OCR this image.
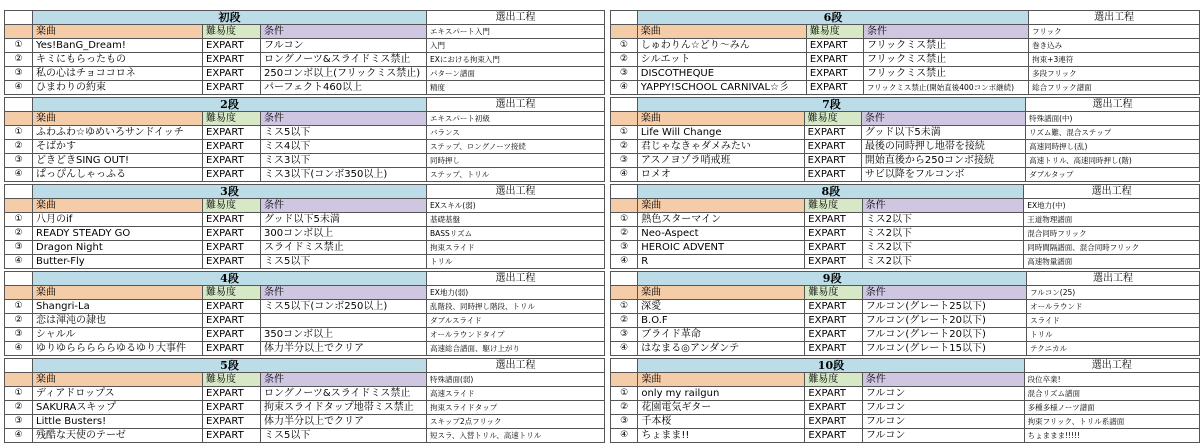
	初段			選出工程
	楽曲	難易度	条件	エキスパート入門
①	Yes!BanG_Dream!	EXPART	フルコン	入門
②	キミにもらったもの	EXPART	ロングノーツ&スライドミス禁止	EXにおける拘束入門
③	私の心はチョココロネ	EXPART	250コンボ以上(フリックミス禁止)	パターン譜面
④	ひまわりの約束	EXPART	パーフェクト460以上	精度
	2段			選出工程
	楽曲	難易度	条件	エキスパート初級
①	ふわふわ☆ゆめいろサンドイッチ	EXPART	ミス5以下	バランス
②	そばかす	EXPART	ミス4以下	ステップ、ロングノーツ接続
③	どきどきSING OUT!	EXPART	ミス3以下	同時押し
④	ぱっぴんしゃっふる	EXPART	ミス3以下(コンボ350以上)	ステップ、トリル
	3段			選出工程
	楽曲	難易度	条件	EXスキル(弱)
①	八月のif	EXPART	グッド以下5未満	基礎基盤
②	READY STEADY GO	EXPART	300コンボ以上	BASSリズム
③	Dragon Night	EXPART	スライドミス禁止	拘束スライド
④	Butter-Fly	EXPART	ミス5以下	トリル
	4段			選出工程
	楽曲	難易度	条件	EX地力(弱)
①	Shangri-La	EXPART	ミス5以下(コンボ250以上)	乱階段、同時押し階段、トリル
②	恋は渾沌の隷也	EXPART		ダブルスライド
③	シャルル	EXPART	350コンボ以上	オールラウンドタイプ
④	ゆりゆらららららゆるゆり大事件	EXPART	体力半分以上でクリア	高速総合譜面、駆け上がり
	5段			選出工程
	楽曲	難易度	条件	特殊譜面(弱)
①	ディアドロップス	EXPART	ロングノーツ&スライドミス禁止	高速スライド
②	SAKURAスキップ	EXPART	拘束スライドタップ地帯ミス禁止	拘束スライドタップ
③	Little Busters!	EXPART	体力半分以上でクリア	スキップ2点フリック
④	残酷な天使のテーゼ	EXPART	ミス5以下	短スラ、入替トリル、高速トリル
	6段			選出工程
	楽曲	難易度	条件	フリック
①	しゅわりん☆どり～みん	EXPART	フリックミス禁止	巻き込み
②	シルエット	EXPART	フリックミス禁止	拘束+3連符
③	DISCOTHEQUE	EXPART	フリックミス禁止	多段フリック
④	YAPPY!SCHOOL CARNIVAL☆彡	EXPART	フリックミス禁止(開始直後400コンボ継続)	総合フリック譜面
	7段			選出工程
	楽曲	難易度	条件	特殊譜面(中)
①	Life Will Change	EXPART	グッド以下5未満	リズム難、混合ステップ
②	君じゃなきゃダメみたい	EXPART	最後の同時押し地帯を接続	高速同時押し(乱)
③	アスノヨゾラ哨戒班	EXPART	開始直後から250コンボ接続	高速トリル、高速同時押し(階)
④	ロメオ	EXPART	サビ以降をフルコンボ	ダブルタップ
	8段			選出工程
	楽曲	難易度	条件	EX地力(中)
①	熱色スターマイン	EXPART	ミス2以下	王道物理譜面
②	Neo-Aspect	EXPART	ミス2以下	混合同時フリック
③	HEROIC ADVENT	EXPART	ミス2以下	同時間隔譜面、混合同時フリック
④	R	EXPART	ミス2以下	高速物量譜面
	9段			選出工程
	楽曲	難易度	条件	フルコン(25)
①	深愛	EXPART	フルコン(グレート25以下)	オールラウンド
②	B.O.F	EXPART	フルコン(グレート20以下)	スライド
③	ブライド革命	EXPART	フルコン(グレート20以下)	トリル
④	はなまる◎アンダンテ	EXPART	フルコン(グレート15以下)	テクニカル
	10段			選出工程
	楽曲	難易度	条件	段位卒業!
①	only my railgun	EXPART	フルコン	混合リズム譜面
②	花園電気ギター	EXPART	フルコン	多種多様ノーツ譜面
③	千本桜	EXPART	フルコン	拘束フリック、トリル系譜面
④	ちょまま!!	EXPART	フルコン	ちょままま!!!!!
